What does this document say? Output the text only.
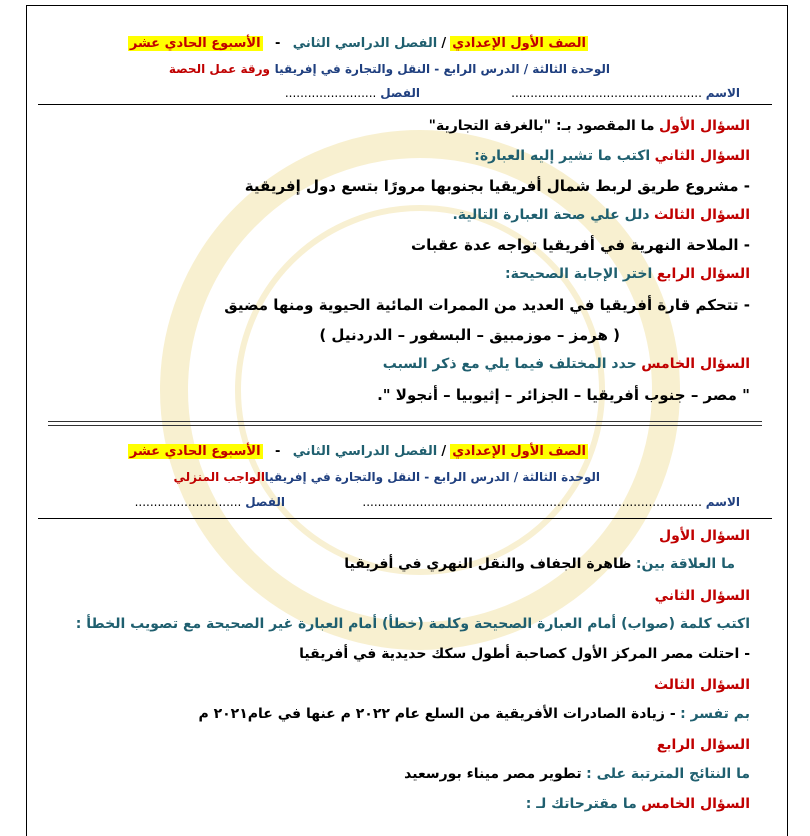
الصف الأول الإعدادي / الفصل الدراسي الثاني   -   الأسبوع الحادي عشر
الوحدة الثالثة / الدرس الرابع - النقل والتجارة في إفريقيا
ورقة عمل الحصة
الاسم ..................................................
الفصل ........................
السؤال الأول ما المقصود بـ: "بالغرفة التجارية"
السؤال الثاني اكتب ما تشير إليه العبارة:
- مشروع طريق لربط شمال أفريقيا بجنوبها مرورًا بتسع دول إفريقية
السؤال الثالث دلل علي صحة العبارة التالية.
- الملاحة النهرية في أفريقيا تواجه عدة عقبات
السؤال الرابع اختر الإجابة الصحيحة:
- تتحكم قارة أفريقيا في العديد من الممرات المائية الحيوية ومنها مضيق
( هرمز – موزمبيق – البسفور – الدردنيل )
السؤال الخامس حدد المختلف فيما يلي مع ذكر السبب
" مصر – جنوب أفريقيا – الجزائر – إثيوبيا – أنجولا ".
الصف الأول الإعدادي / الفصل الدراسي الثاني   -   الأسبوع الحادي عشر
الوحدة الثالثة / الدرس الرابع - النقل والتجارة في إفريقيا
الواجب المنزلي
الاسم .........................................................................................
الفصل ............................
السؤال الأول
ما العلاقة بين: ظاهرة الجفاف والنقل النهري في أفريقيا
السؤال الثاني
اكتب كلمة (صواب) أمام العبارة الصحيحة وكلمة (خطأ) أمام العبارة غير الصحيحة مع تصويب الخطأ :
- احتلت مصر المركز الأول كصاحبة أطول سكك حديدية في أفريقيا
السؤال الثالث
بم تفسر : - زيادة الصادرات الأفريقية من السلع عام ٢٠٢٢ م عنها في عام٢٠٢١ م
السؤال الرابع
ما النتائج المترتبة على : تطوير مصر ميناء بورسعيد
السؤال الخامس ما مقترحاتك لـ :
